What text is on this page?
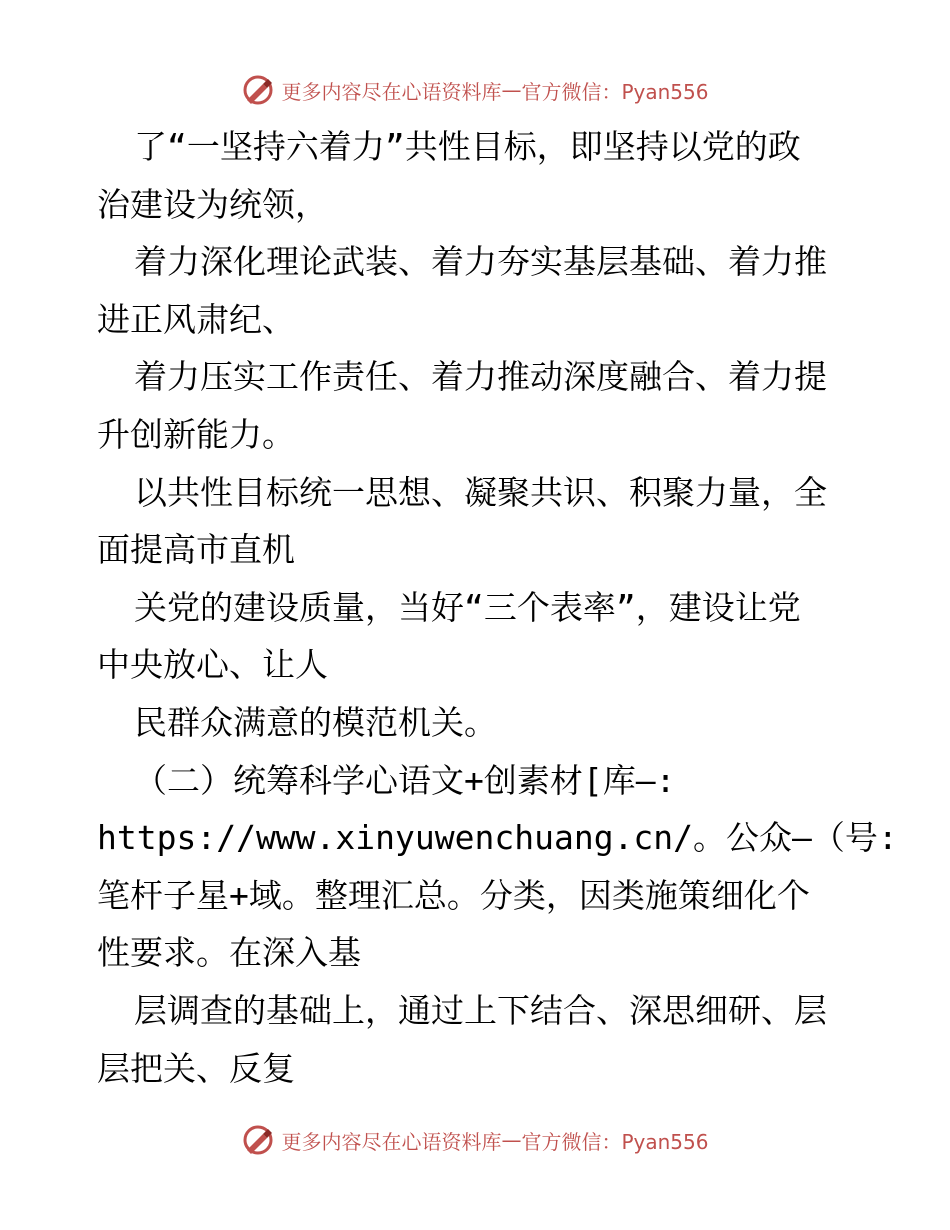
更多内容尽在心语资料库 — 官方微信：Pyan556
了“一坚持六着力”共性目标，即坚持以党的政
治建设为统领，
着力深化理论武装、着力夯实基层基础、着力推
进正风肃纪、
着力压实工作责任、着力推动深度融合、着力提
升创新能力。
以共性目标统一思想、凝聚共识、积聚力量，全
面提高市直机
关党的建设质量，当好“三个表率”，建设让党
中央放心、让人
民群众满意的模范机关。
（二）统筹科学心语文+创素材[库—:
https://www.xinyuwenchuang.cn/。公众—（号:
笔杆子星+域。整理汇总。分类，因类施策细化个
性要求。在深入基
层调查的基础上，通过上下结合、深思细研、层
层把关、反复
更多内容尽在心语资料库 — 官方微信：Pyan556
